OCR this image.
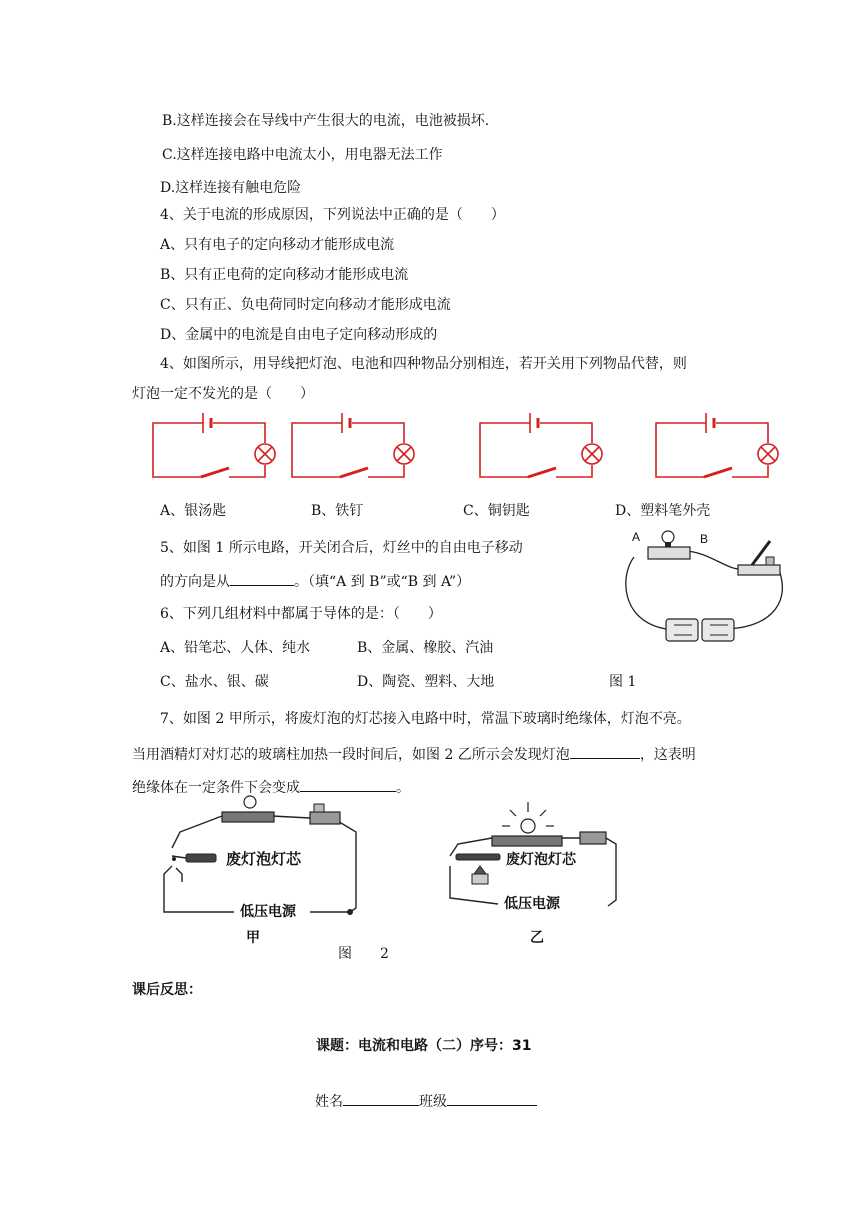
B.这样连接会在导线中产生很大的电流，电池被损坏.
C.这样连接电路中电流太小，用电器无法工作
D.这样连接有触电危险
4、关于电流的形成原因，下列说法中正确的是（　　）
A、只有电子的定向移动才能形成电流
B、只有正电荷的定向移动才能形成电流
C、只有正、负电荷同时定向移动才能形成电流
D、金属中的电流是自由电子定向移动形成的
4、如图所示，用导线把灯泡、电池和四种物品分别相连，若开关用下列物品代替，则
灯泡一定不发光的是（　　）
A、银汤匙	B、铁钉	C、铜钥匙	D、塑料笔外壳
5、如图 1 所示电路，开关闭合后，灯丝中的自由电子移动
的方向是从	。（填“A 到 B”或“B 到 A”）
A	B
6、下列几组材料中都属于导体的是：（　　）
A、铅笔芯、人体、纯水	B、金属、橡胶、汽油
C、盐水、银、碳	D、陶瓷、塑料、大地	图 1
7、如图 2 甲所示，将废灯泡的灯芯接入电路中时，常温下玻璃时绝缘体，灯泡不亮。
当用酒精灯对灯芯的玻璃柱加热一段时间后，如图 2 乙所示会发现灯泡	，这表明
绝缘体在一定条件下会变成	。
废灯泡灯芯
低压电源
甲
废灯泡灯芯
低压电源
乙
图　　2
课后反思：
课题：电流和电路（二）序号：31
姓名	班级
